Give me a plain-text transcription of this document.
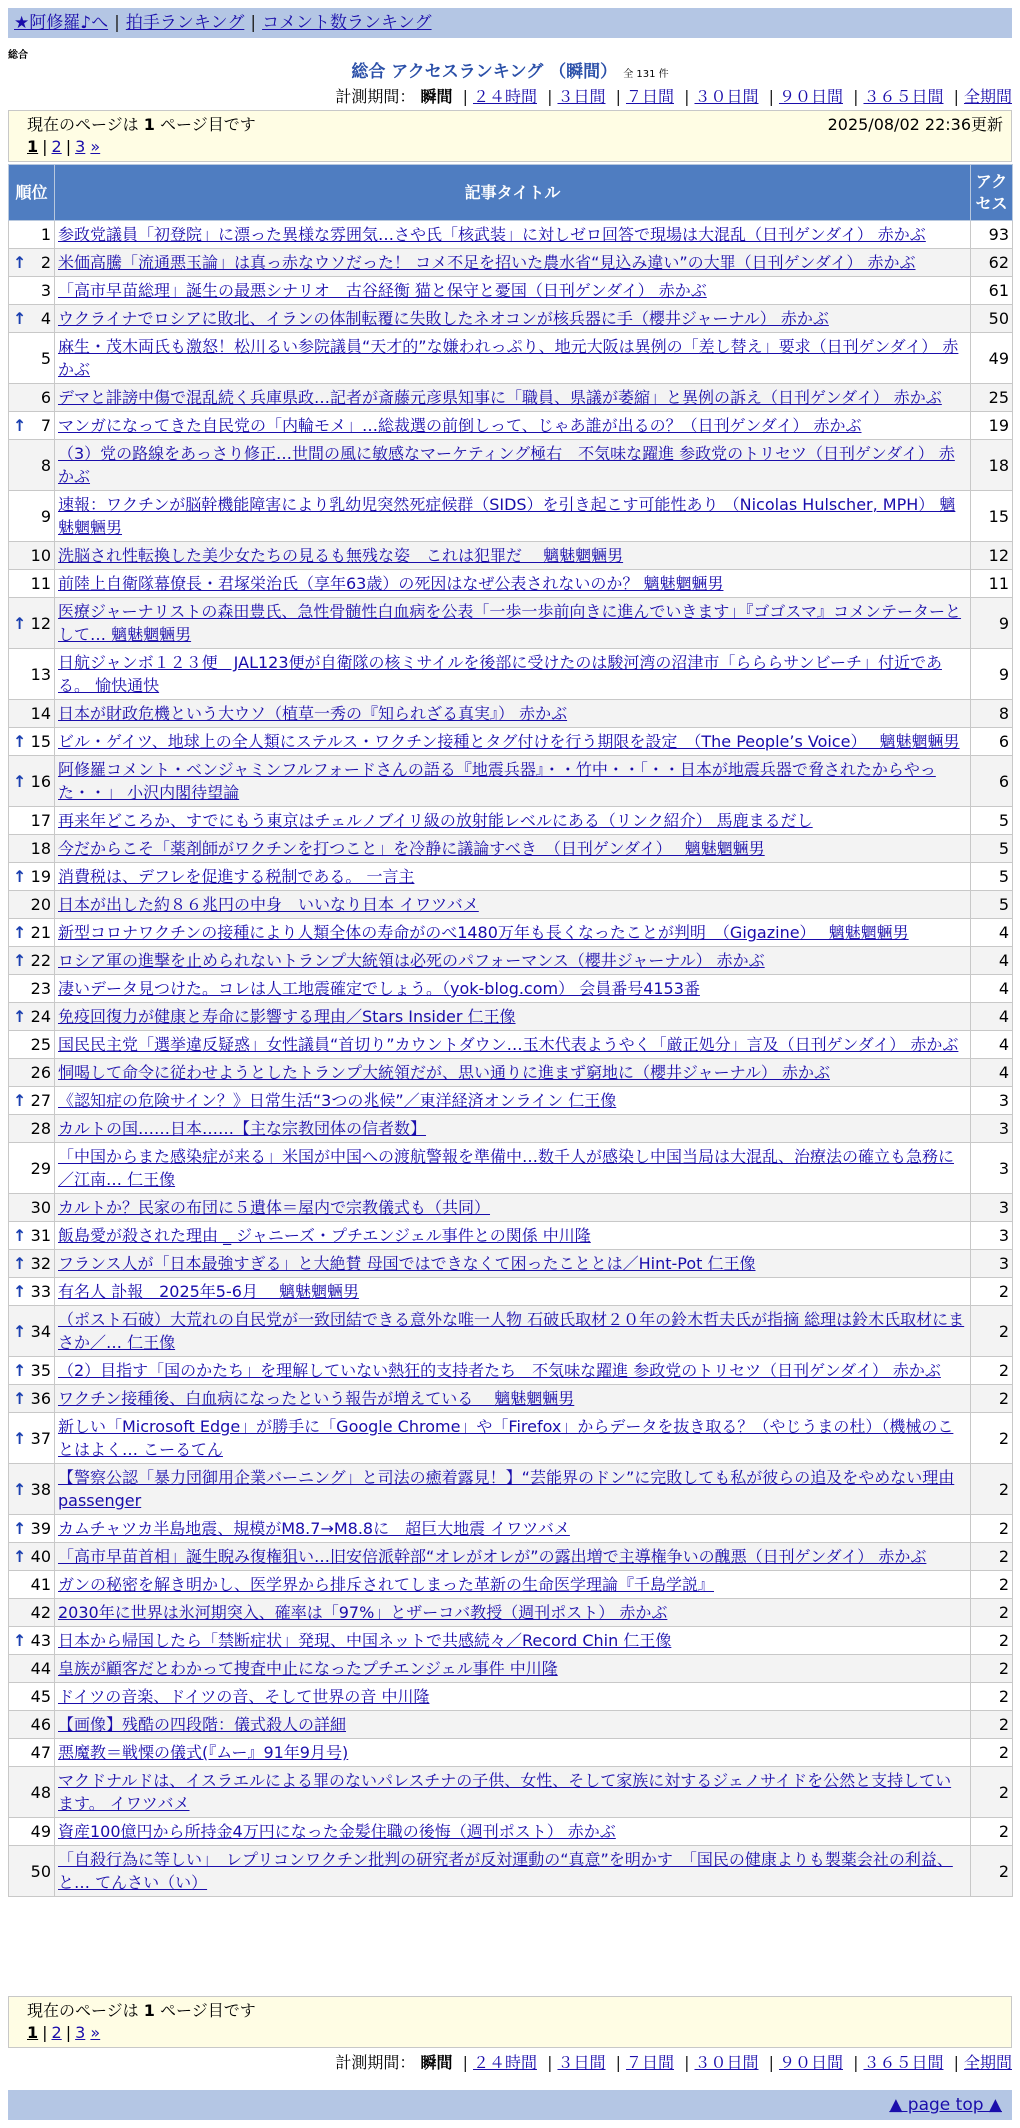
★阿修羅♪へ | 拍手ランキング | コメント数ランキング
総合
総合 アクセスランキング （瞬間） 全 131 件
計測期間： 瞬間 | ２４時間 | ３日間 | ７日間 | ３０日間 | ９０日間 | ３６５日間 | 全期間
現在のページは 1 ページ目です	2025/08/02 22:36更新
1 | 2 | 3 »
順位	記事タイトル	アクセス
1	参政党議員「初登院」に漂った異様な雰囲気…さや氏「核武装」に対しゼロ回答で現場は大混乱（日刊ゲンダイ） 赤かぶ	93

↑ 2	米価高騰「流通悪玉論」は真っ赤なウソだった！ コメ不足を招いた農水省“見込み違い”の大罪（日刊ゲンダイ） 赤かぶ	62
3	「高市早苗総理」誕生の最悪シナリオ　古谷経衡 猫と保守と憂国（日刊ゲンダイ） 赤かぶ	61

↑ 4	ウクライナでロシアに敗北、イランの体制転覆に失敗したネオコンが核兵器に手（櫻井ジャーナル） 赤かぶ	50
5	麻生・茂木両氏も激怒！松川るい参院議員“天才的”な嫌われっぷり、地元大阪は異例の「差し替え」要求（日刊ゲンダイ） 赤かぶ	49
6	デマと誹謗中傷で混乱続く兵庫県政…記者が斎藤元彦県知事に「職員、県議が萎縮」と異例の訴え（日刊ゲンダイ） 赤かぶ	25

↑ 7	マンガになってきた自民党の「内輪モメ」…総裁選の前倒しって、じゃあ誰が出るの？（日刊ゲンダイ） 赤かぶ	19
8	（3）党の路線をあっさり修正…世間の風に敏感なマーケティング極右　不気味な躍進 参政党のトリセツ（日刊ゲンダイ） 赤かぶ	18
9	速報：ワクチンが脳幹機能障害により乳幼児突然死症候群（SIDS）を引き起こす可能性あり （Nicolas Hulscher, MPH） 魑魅魍魎男	15
10	洗脳され性転換した美少女たちの見るも無残な姿　これは犯罪だ　 魑魅魍魎男	12
11	前陸上自衛隊幕僚長・君塚栄治氏（享年63歳）の死因はなぜ公表されないのか？ 魑魅魍魎男	11

↑ 12	医療ジャーナリストの森田豊氏、急性骨髄性白血病を公表「一歩一歩前向きに進んでいきます」『ゴゴスマ』コメンテーターとして… 魑魅魍魎男	9
13	日航ジャンボ１２３便　JAL123便が自衛隊の核ミサイルを後部に受けたのは駿河湾の沼津市「らららサンビーチ」付近である。 愉快通快	9
14	日本が財政危機という大ウソ（植草一秀の『知られざる真実』） 赤かぶ	8

↑ 15	ビル・ゲイツ、地球上の全人類にステルス・ワクチン接種とタグ付けを行う期限を設定　（The People’s Voice）　 魑魅魍魎男	6

↑ 16	阿修羅コメント・ベンジャミンフルフォードさんの語る『地震兵器』・・竹中・・「・・日本が地震兵器で脅されたからやった・・」 小沢内閣待望論	6
17	再来年どころか、すでにもう東京はチェルノブイリ級の放射能レベルにある（リンク紹介） 馬鹿まるだし	5
18	今だからこそ「薬剤師がワクチンを打つこと」を冷静に議論すべき　（日刊ゲンダイ）　 魑魅魍魎男	5

↑ 19	消費税は、デフレを促進する税制である。 一言主	5
20	日本が出した約８６兆円の中身　いいなり日本 イワツバメ	5

↑ 21	新型コロナワクチンの接種により人類全体の寿命がのべ1480万年も長くなったことが判明　（Gigazine）　 魑魅魍魎男	4

↑ 22	ロシア軍の進撃を止められないトランプ大統領は必死のパフォーマンス（櫻井ジャーナル） 赤かぶ	4
23	凄いデータ見つけた。コレは人工地震確定でしょう。（yok-blog.com） 会員番号4153番	4

↑ 24	免疫回復力が健康と寿命に影響する理由／Stars Insider 仁王像	4
25	国民民主党「選挙違反疑惑」女性議員“首切り”カウントダウン…玉木代表ようやく「厳正処分」言及（日刊ゲンダイ） 赤かぶ	4
26	恫喝して命令に従わせようとしたトランプ大統領だが、思い通りに進まず窮地に（櫻井ジャーナル） 赤かぶ	4

↑ 27	《認知症の危険サイン？》日常生活“3つの兆候”／東洋経済オンライン 仁王像	3
28	カルトの国……日本……【主な宗教団体の信者数】	3
29	「中国からまた感染症が来る」米国が中国への渡航警報を準備中…数千人が感染し中国当局は大混乱、治療法の確立も急務に／江南… 仁王像	3
30	カルトか？民家の布団に５遺体＝屋内で宗教儀式も（共同）	3

↑ 31	飯島愛が殺された理由 _ ジャニーズ・プチエンジェル事件との関係 中川隆	3

↑ 32	フランス人が「日本最強すぎる」と大絶賛 母国ではできなくて困ったこととは／Hint-Pot 仁王像	3

↑ 33	有名人 訃報　2025年5-6月　 魑魅魍魎男	2

↑ 34	（ポスト石破）大荒れの自民党が一致団結できる意外な唯一人物 石破氏取材２０年の鈴木哲夫氏が指摘 総理は鈴木氏取材にまさか／… 仁王像	2

↑ 35	（2）目指す「国のかたち」を理解していない熱狂的支持者たち　不気味な躍進 参政党のトリセツ（日刊ゲンダイ） 赤かぶ	2

↑ 36	ワクチン接種後、白血病になったという報告が増えている　 魑魅魍魎男	2

↑ 37	新しい「Microsoft Edge」が勝手に「Google Chrome」や「Firefox」からデータを抜き取る？（やじうまの杜）（機械のことはよく… こーるてん	2

↑ 38	【警察公認「暴力団御用企業バーニング」と司法の癒着露見！】“芸能界のドン”に完敗しても私が彼らの追及をやめない理由 passenger	2

↑ 39	カムチャツカ半島地震、規模がM8.7→M8.8に　超巨大地震 イワツバメ	2

↑ 40	「高市早苗首相」誕生睨み復権狙い…旧安倍派幹部“オレがオレが”の露出増で主導権争いの醜悪（日刊ゲンダイ） 赤かぶ	2
41	ガンの秘密を解き明かし、医学界から排斥されてしまった革新の生命医学理論『千島学説』	2
42	2030年に世界は氷河期突入、確率は「97%」とザーコバ教授（週刊ポスト） 赤かぶ	2

↑ 43	日本から帰国したら「禁断症状」発現、中国ネットで共感続々／Record Chin 仁王像	2
44	皇族が顧客だとわかって捜査中止になったプチエンジェル事件 中川隆	2
45	ドイツの音楽、ドイツの音、そして世界の音 中川隆	2
46	【画像】残酷の四段階：儀式殺人の詳細	2
47	悪魔教＝戦慄の儀式(『ムー』91年9月号)	2
48	マクドナルドは、イスラエルによる罪のないパレスチナの子供、女性、そして家族に対するジェノサイドを公然と支持しています。 イワツバメ	2
49	資産100億円から所持金4万円になった金髪住職の後悔（週刊ポスト） 赤かぶ	2
50	「自殺行為に等しい」　レプリコンワクチン批判の研究者が反対運動の“真意”を明かす　「国民の健康よりも製薬会社の利益、と… てんさい（い）	2
現在のページは 1 ページ目です
1 | 2 | 3 »
計測期間： 瞬間 | ２４時間 | ３日間 | ７日間 | ３０日間 | ９０日間 | ３６５日間 | 全期間
▲ page top ▲
